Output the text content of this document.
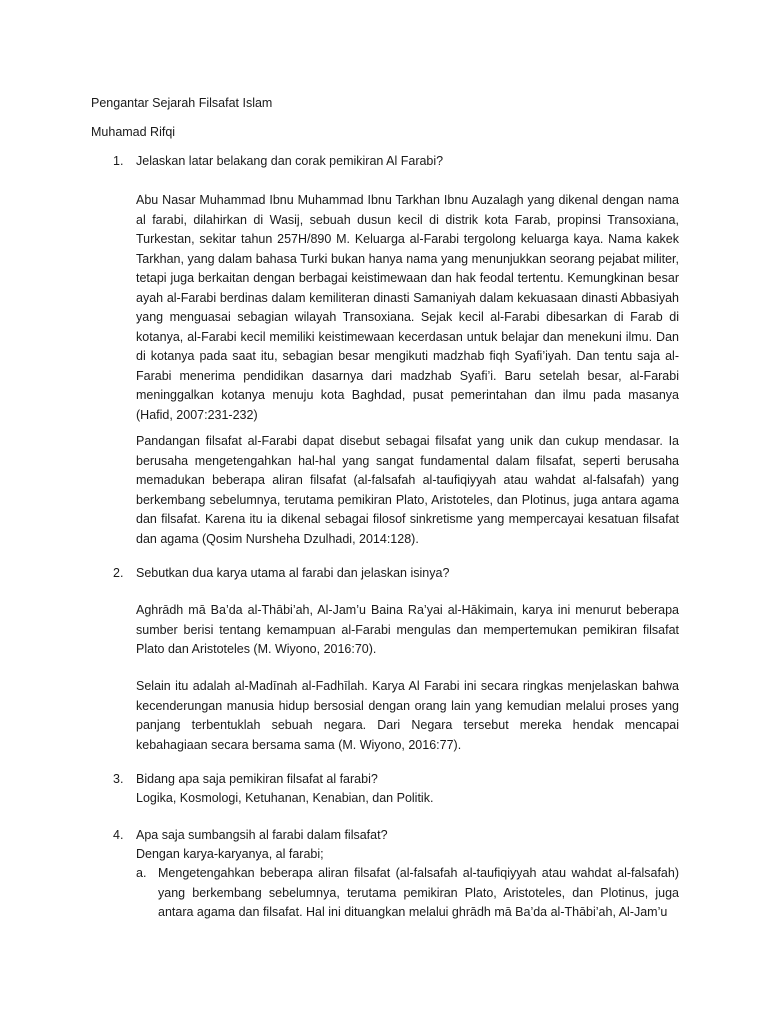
Pengantar Sejarah Filsafat Islam
Muhamad Rifqi
1.	Jelaskan latar belakang dan corak pemikiran Al Farabi?
Abu Nasar Muhammad Ibnu Muhammad Ibnu Tarkhan Ibnu Auzalagh yang dikenal dengan nama al farabi, dilahirkan di Wasij, sebuah dusun kecil di distrik kota Farab, propinsi Transoxiana, Turkestan, sekitar tahun 257H/890 M. Keluarga al-Farabi tergolong keluarga kaya. Nama kakek Tarkhan, yang dalam bahasa Turki bukan hanya nama yang menunjukkan seorang pejabat militer, tetapi juga berkaitan dengan berbagai keistimewaan dan hak feodal tertentu. Kemungkinan besar ayah al-Farabi berdinas dalam kemiliteran dinasti Samaniyah dalam kekuasaan dinasti Abbasiyah yang menguasai sebagian wilayah Transoxiana. Sejak kecil al-Farabi dibesarkan di Farab di kotanya, al-Farabi kecil memiliki keistimewaan kecerdasan untuk belajar dan menekuni ilmu. Dan di kotanya pada saat itu, sebagian besar mengikuti madzhab fiqh Syafi’iyah. Dan tentu saja al-Farabi menerima pendidikan dasarnya dari madzhab Syafi’i. Baru setelah besar, al-Farabi meninggalkan kotanya menuju kota Baghdad, pusat pemerintahan dan ilmu pada masanya (Hafid, 2007:231-232)
Pandangan filsafat al-Farabi dapat disebut sebagai filsafat yang unik dan cukup mendasar. Ia berusaha mengetengahkan hal-hal yang sangat fundamental dalam filsafat, seperti berusaha memadukan beberapa aliran filsafat (al-falsafah al-taufiqiyyah atau wahdat al-falsafah) yang berkembang sebelumnya, terutama pemikiran Plato, Aristoteles, dan Plotinus, juga antara agama dan filsafat. Karena itu ia dikenal sebagai filosof sinkretisme yang mempercayai kesatuan filsafat dan agama (Qosim Nursheha Dzulhadi, 2014:128).
2.	Sebutkan dua karya utama al farabi dan jelaskan isinya?
Aghrādh mā Ba’da al-Thābi’ah, Al-Jam’u Baina Ra’yai al-Hākimain, karya ini menurut beberapa sumber berisi tentang kemampuan al-Farabi mengulas dan mempertemukan pemikiran filsafat Plato dan Aristoteles (M. Wiyono, 2016:70).
Selain itu adalah al-Madīnah al-Fadhīlah. Karya Al Farabi ini secara ringkas menjelaskan bahwa kecenderungan manusia hidup bersosial dengan orang lain yang kemudian melalui proses yang panjang terbentuklah sebuah negara. Dari Negara tersebut mereka hendak mencapai kebahagiaan secara bersama sama (M. Wiyono, 2016:77).
3.	Bidang apa saja pemikiran filsafat al farabi?
Logika, Kosmologi, Ketuhanan, Kenabian, dan Politik.
4.	Apa saja sumbangsih al farabi dalam filsafat?
Dengan karya-karyanya, al farabi;
a. Mengetengahkan beberapa aliran filsafat (al-falsafah al-taufiqiyyah atau wahdat al-falsafah) yang berkembang sebelumnya, terutama pemikiran Plato, Aristoteles, dan Plotinus, juga antara agama dan filsafat. Hal ini dituangkan melalui ghrādh mā Ba’da al-Thābi’ah, Al-Jam’u
